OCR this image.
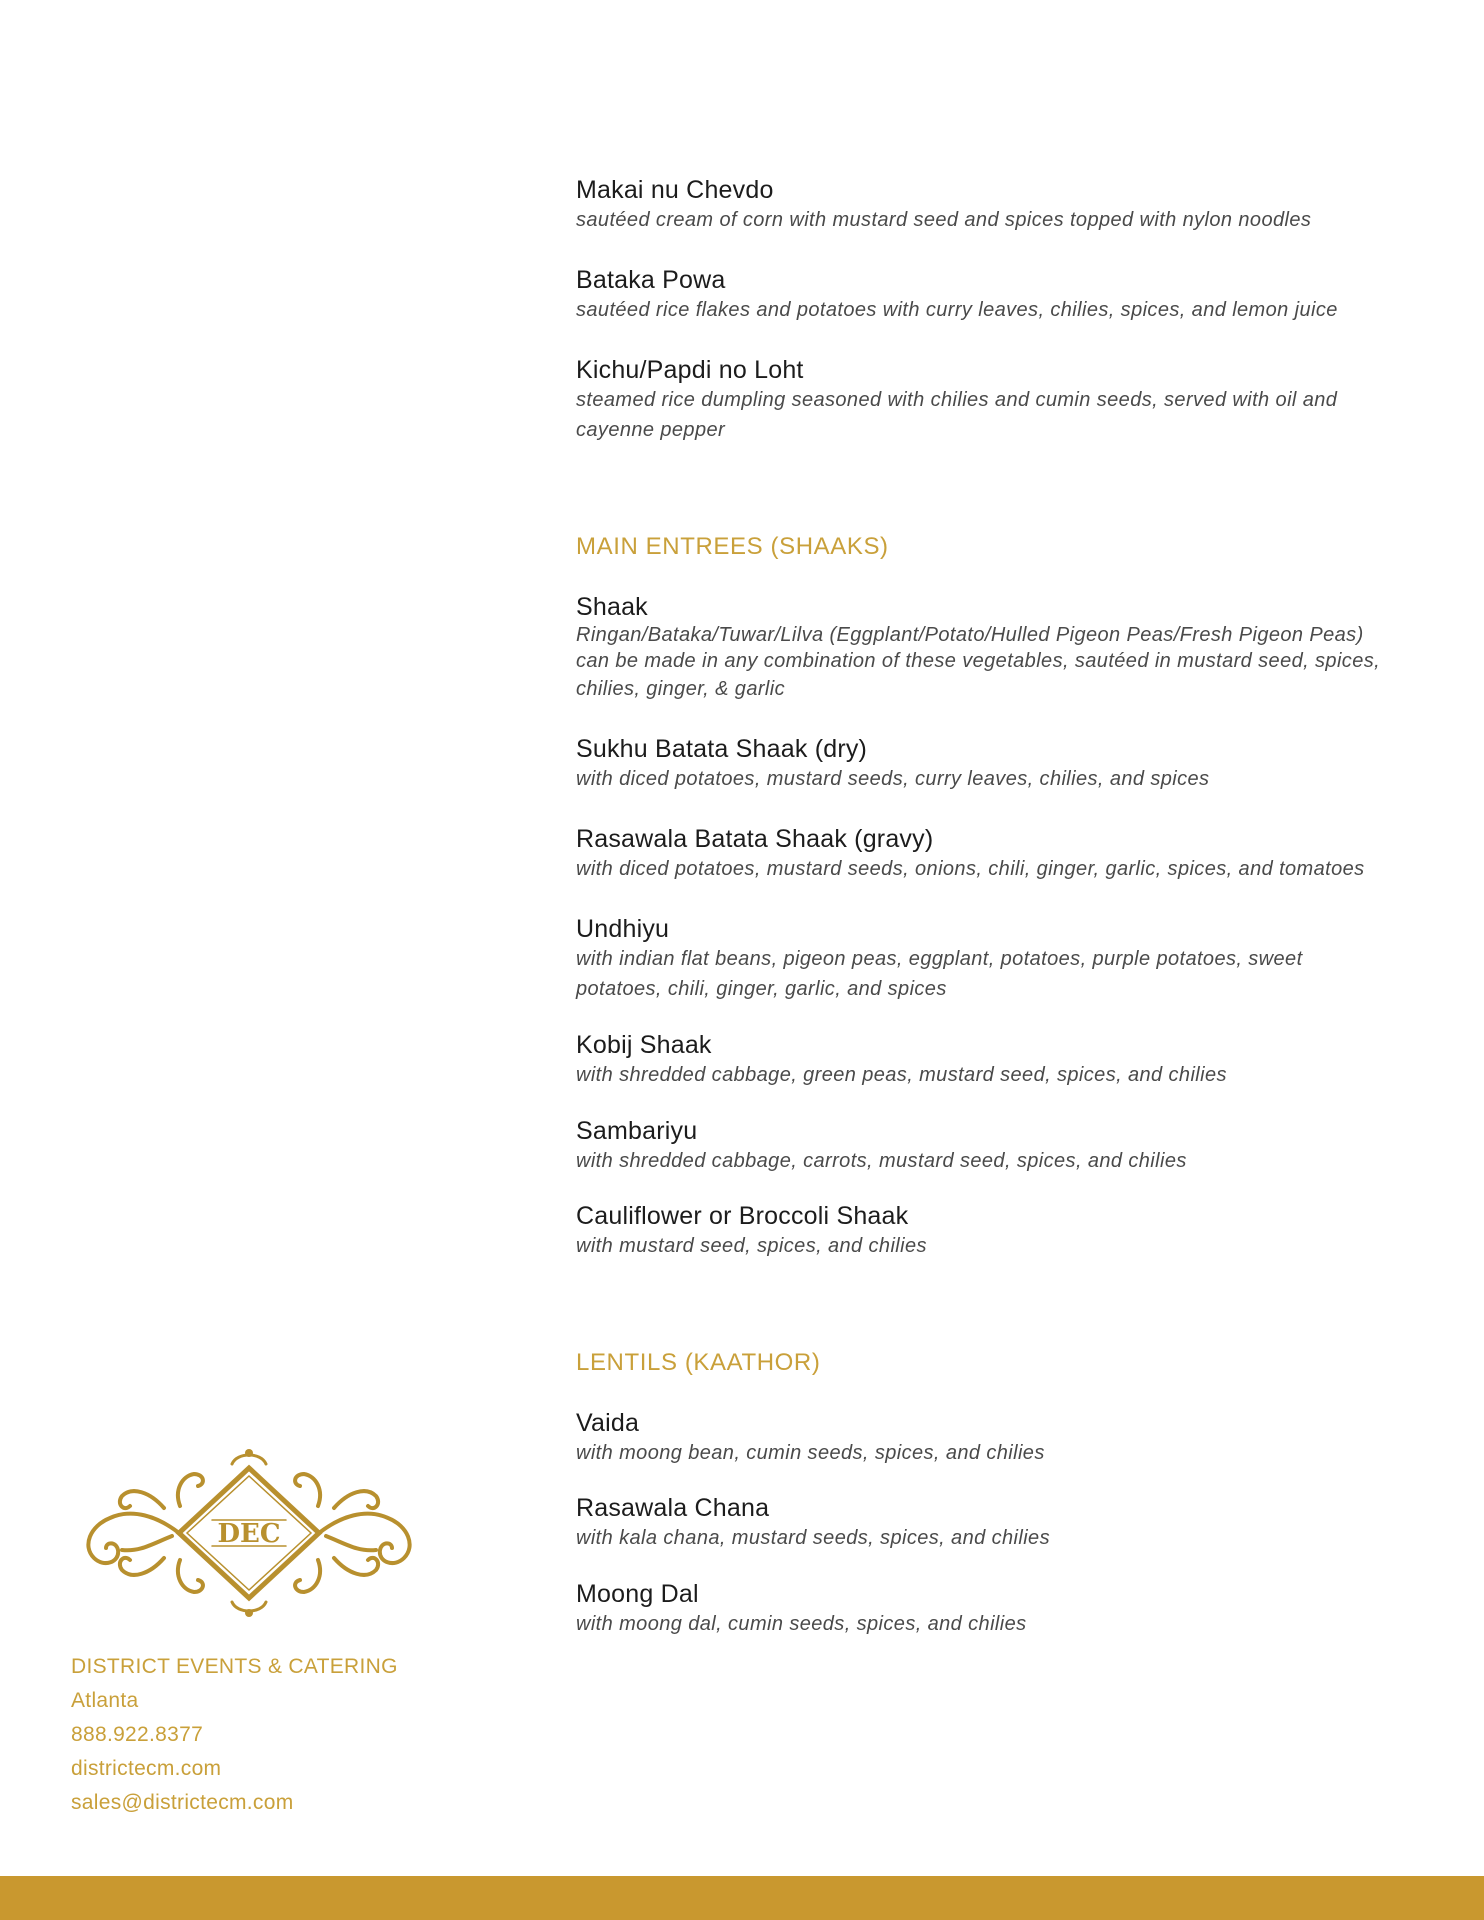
Makai nu Chevdo
sautéed cream of corn with mustard seed and spices topped with nylon noodles
Bataka Powa
sautéed rice flakes and potatoes with curry leaves, chilies, spices, and lemon juice
Kichu/Papdi no Loht
steamed rice dumpling seasoned with chilies and cumin seeds, served with oil and
cayenne pepper
MAIN ENTREES (SHAAKS)
Shaak
Ringan/Bataka/Tuwar/Lilva (Eggplant/Potato/Hulled Pigeon Peas/Fresh Pigeon Peas)
can be made in any combination of these vegetables, sautéed in mustard seed, spices,
chilies, ginger, & garlic
Sukhu Batata Shaak (dry)
with diced potatoes, mustard seeds, curry leaves, chilies, and spices
Rasawala Batata Shaak (gravy)
with diced potatoes, mustard seeds, onions, chili, ginger, garlic, spices, and tomatoes
Undhiyu
with indian flat beans, pigeon peas, eggplant, potatoes, purple potatoes, sweet
potatoes, chili, ginger, garlic, and spices
Kobij Shaak
with shredded cabbage, green peas, mustard seed, spices, and chilies
Sambariyu
with shredded cabbage, carrots, mustard seed, spices, and chilies
Cauliflower or Broccoli Shaak
with mustard seed, spices, and chilies
LENTILS (KAATHOR)
Vaida
with moong bean, cumin seeds, spices, and chilies
Rasawala Chana
with kala chana, mustard seeds, spices, and chilies
Moong Dal
with moong dal, cumin seeds, spices, and chilies
DEC
DISTRICT EVENTS & CATERING
Atlanta
888.922.8377
districtecm.com
sales@districtecm.com
